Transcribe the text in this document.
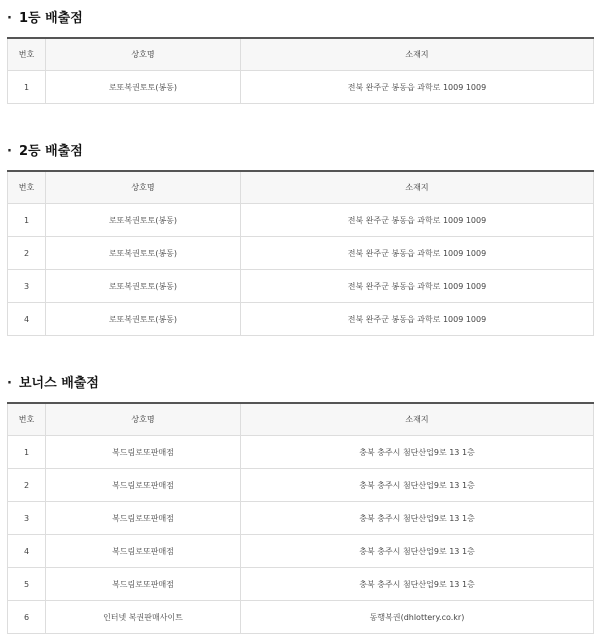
· 1등 배출점
번호	상호명	소재지
1	로또복권토토(봉동)	전북 완주군 봉동읍 과학로 1009 1009
· 2등 배출점
번호	상호명	소재지
1	로또복권토토(봉동)	전북 완주군 봉동읍 과학로 1009 1009
2	로또복권토토(봉동)	전북 완주군 봉동읍 과학로 1009 1009
3	로또복권토토(봉동)	전북 완주군 봉동읍 과학로 1009 1009
4	로또복권토토(봉동)	전북 완주군 봉동읍 과학로 1009 1009
· 보너스 배출점
번호	상호명	소재지
1	복드림로또판매점	충북 충주시 첨단산업9로 13 1층
2	복드림로또판매점	충북 충주시 첨단산업9로 13 1층
3	복드림로또판매점	충북 충주시 첨단산업9로 13 1층
4	복드림로또판매점	충북 충주시 첨단산업9로 13 1층
5	복드림로또판매점	충북 충주시 첨단산업9로 13 1층
6	인터넷 복권판매사이트	동행복권(dhlottery.co.kr)
